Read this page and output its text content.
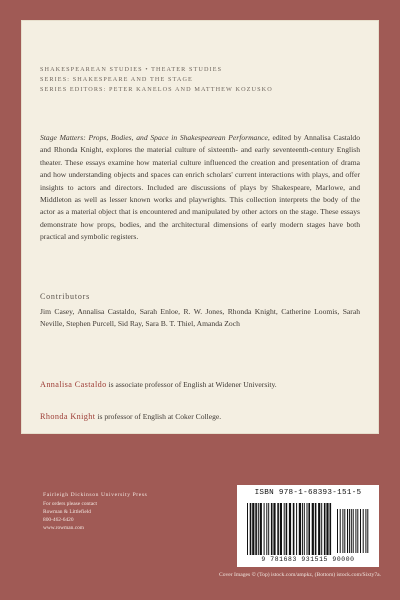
SHAKESPEAREAN STUDIES • THEATER STUDIES
SERIES: SHAKESPEARE AND THE STAGE
SERIES EDITORS: PETER KANELOS AND MATTHEW KOZUSKO
Stage Matters: Props, Bodies, and Space in Shakespearean Performance, edited by Annalisa Castaldo and Rhonda Knight, explores the material culture of sixteenth- and early seventeenth-century English theater. These essays examine how material culture influenced the creation and presentation of drama and how understanding objects and spaces can enrich scholars' current interactions with plays, and offer insights to actors and directors. Included are discussions of plays by Shakespeare, Marlowe, and Middleton as well as lesser known works and playwrights. This collection interprets the body of the actor as a material object that is encountered and manipulated by other actors on the stage. These essays demonstrate how props, bodies, and the architectural dimensions of early modern stages have both practical and symbolic registers.
Contributors
Jim Casey, Annalisa Castaldo, Sarah Enloe, R. W. Jones, Rhonda Knight, Catherine Loomis, Sarah Neville, Stephen Purcell, Sid Ray, Sara B. T. Thiel, Amanda Zoch
Annalisa Castaldo is associate professor of English at Widener University.
Rhonda Knight is professor of English at Coker College.
Fairleigh Dickinson University Press
For orders please contact
Rowman & Littlefield
800-462-6420
www.rowman.com
ISBN 978-1-68393-151-5
9 781683 931515 90000
Cover Images © (Top) istock.com/ampkz, (Bottom) istock.com/Sixty7a.
